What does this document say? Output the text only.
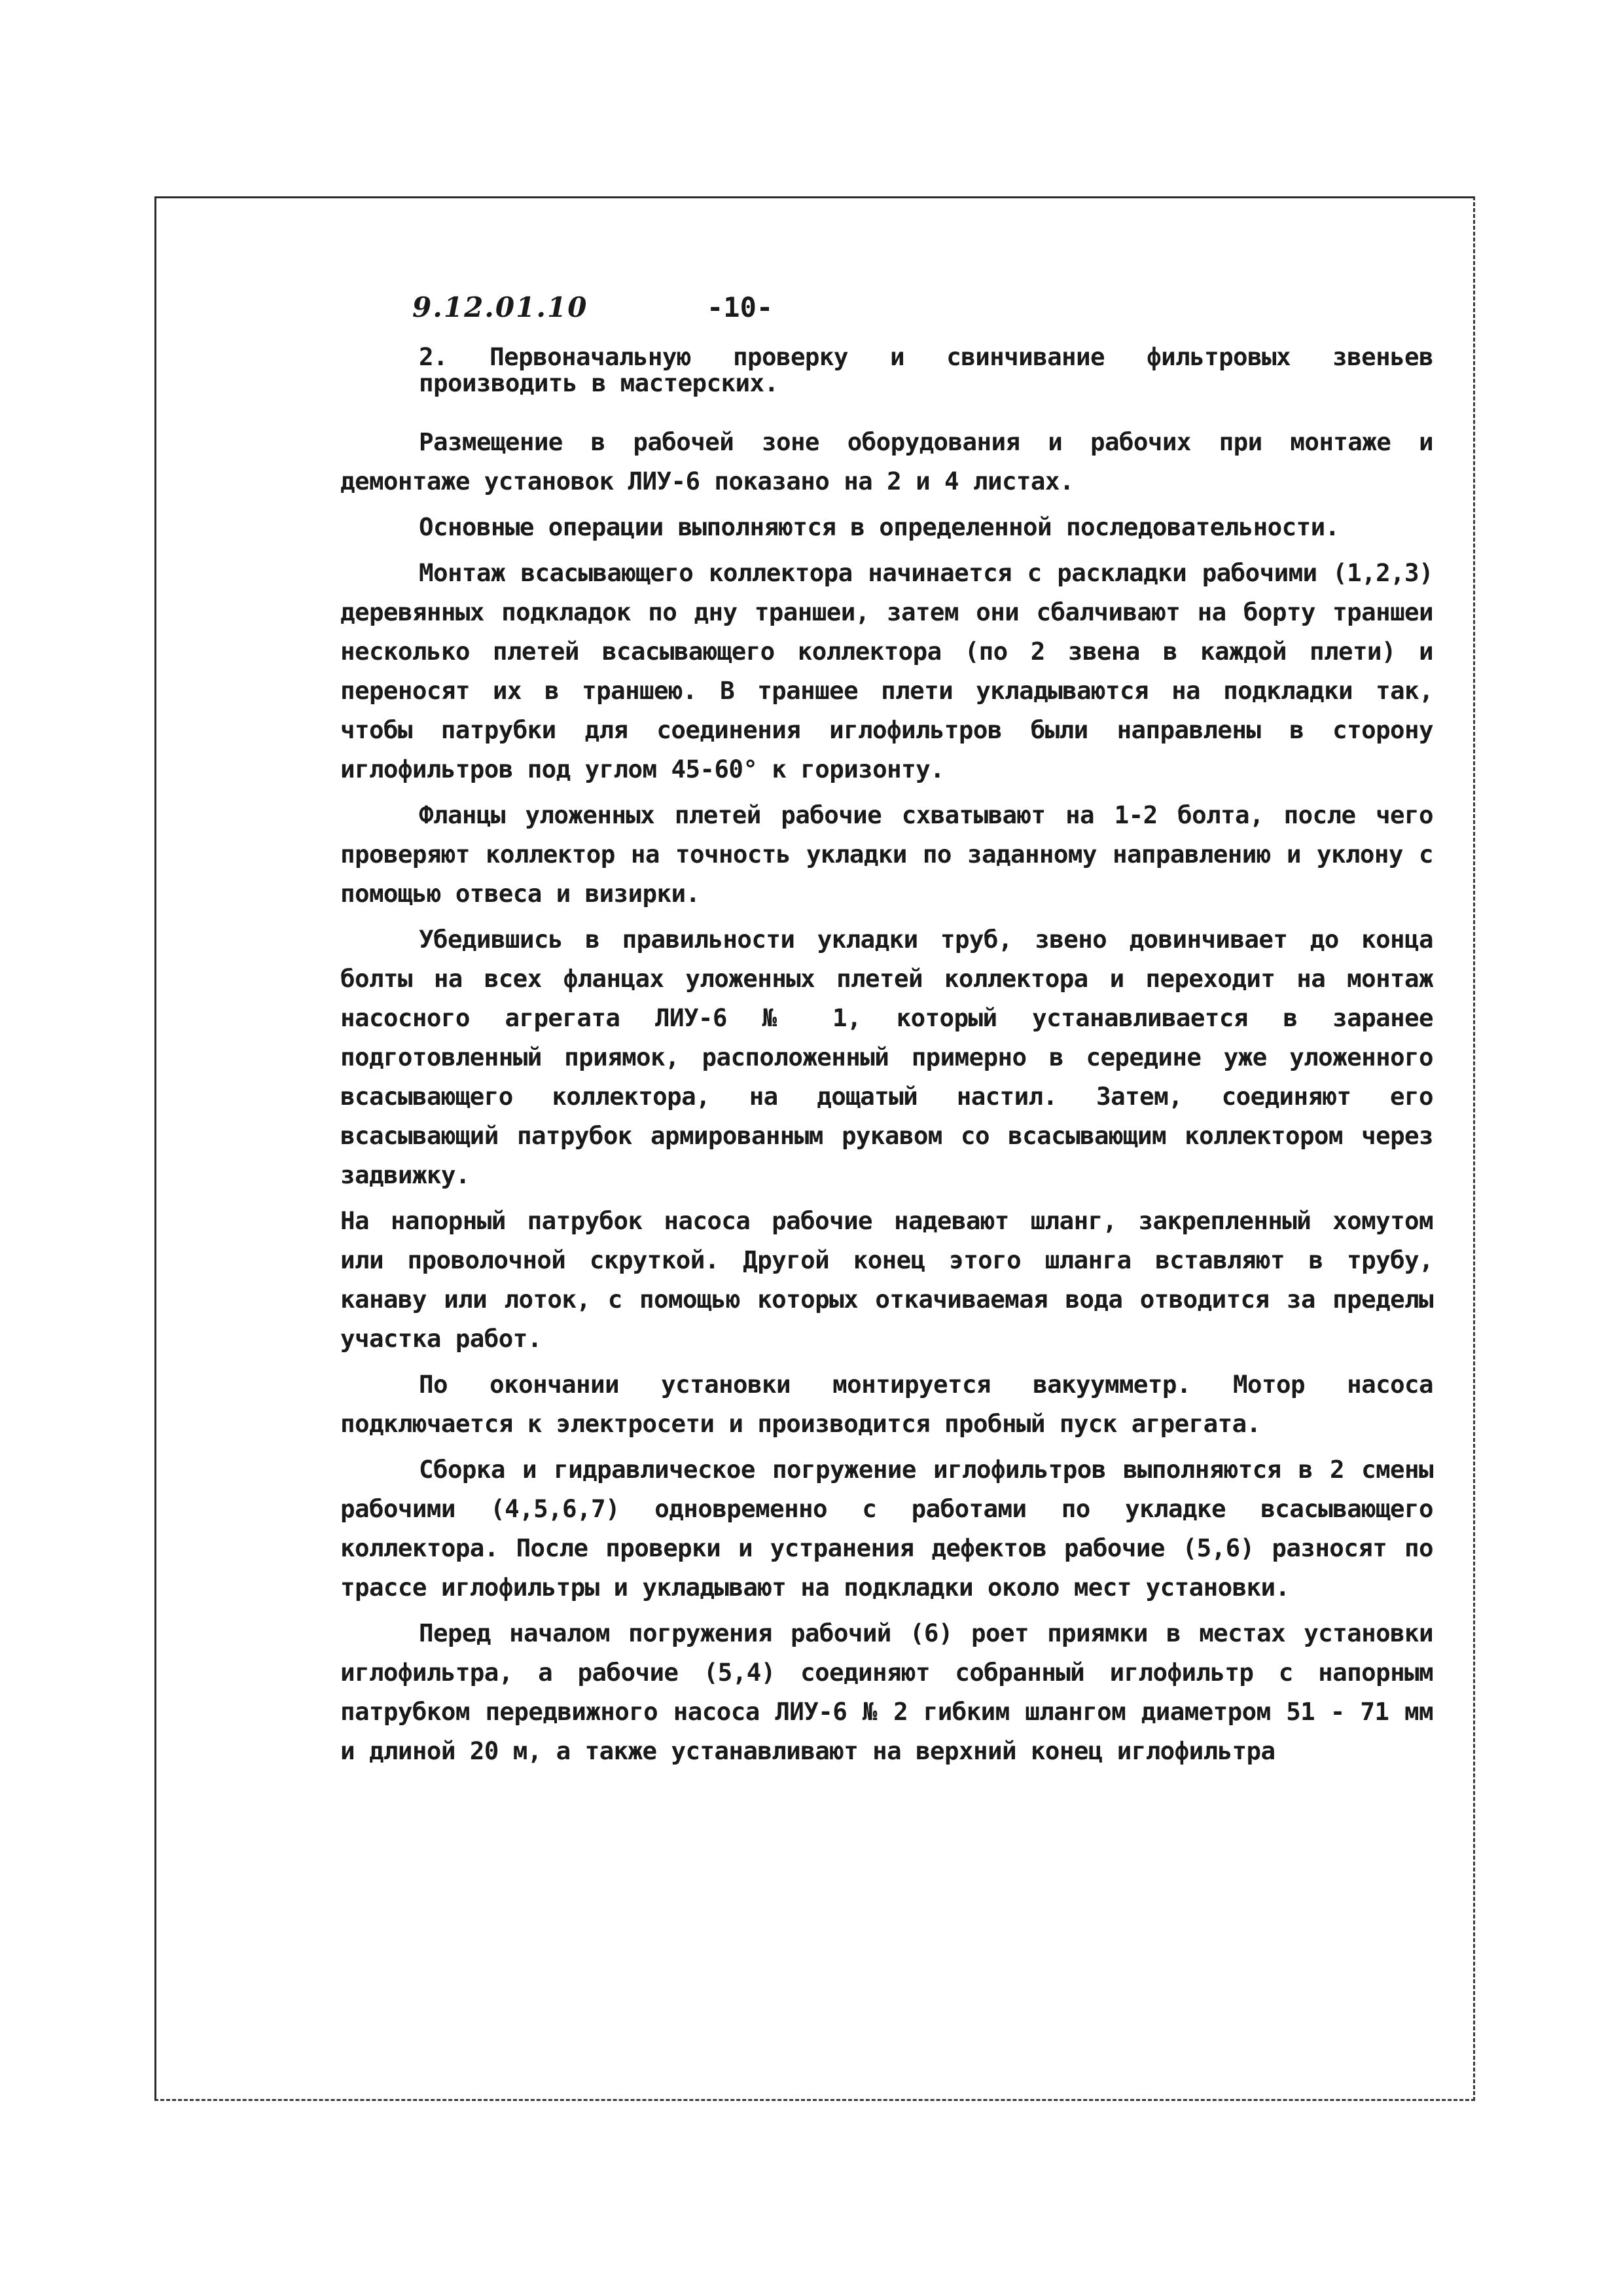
9.12.01.10	-10-

2. Первоначальную проверку и свинчивание фильтровых звеньев производить в мастерских.

Размещение в рабочей зоне оборудования и рабочих при монтаже и демонтаже установок ЛИУ-6 показано на 2 и 4 листах.

Основные операции выполняются в определенной последовательности.

Монтаж всасывающего коллектора начинается с раскладки рабочими (1,2,3) деревянных подкладок по дну траншеи, затем они сбалчивают на борту траншеи несколько плетей всасывающего коллектора (по 2 звена в каждой плети) и переносят их в траншею. В траншее плети укладываются на подкладки так, чтобы патрубки для соединения иглофильтров были направлены в сторону иглофильтров под углом 45-60° к горизонту.

Фланцы уложенных плетей рабочие схватывают на 1-2 болта, после чего проверяют коллектор на точность укладки по заданному направлению и уклону с помощью отвеса и визирки.

Убедившись в правильности укладки труб, звено довинчивает до конца болты на всех фланцах уложенных плетей коллектора и переходит на монтаж насосного агрегата ЛИУ-6 № 1, который устанавливается в заранее подготовленный приямок, расположенный примерно в середине уже уложенного всасывающего коллектора, на дощатый настил. Затем, соединяют его всасывающий патрубок армированным рукавом со всасывающим коллектором через задвижку.

На напорный патрубок насоса рабочие надевают шланг, закрепленный хомутом или проволочной скруткой. Другой конец этого шланга вставляют в трубу, канаву или лоток, с помощью которых откачиваемая вода отводится за пределы участка работ.

По окончании установки монтируется вакуумметр. Мотор насоса подключается к электросети и производится пробный пуск агрегата.

Сборка и гидравлическое погружение иглофильтров выполняются в 2 смены рабочими (4,5,6,7) одновременно с работами по укладке всасывающего коллектора. После проверки и устранения дефектов рабочие (5,6) разносят по трассе иглофильтры и укладывают на подкладки около мест установки.

Перед началом погружения рабочий (6) роет приямки в местах установки иглофильтра, а рабочие (5,4) соединяют собранный иглофильтр с напорным патрубком передвижного насоса ЛИУ-6 № 2 гибким шлангом диаметром 51 - 71 мм и длиной 20 м, а также устанавливают на верхний конец иглофильтра
